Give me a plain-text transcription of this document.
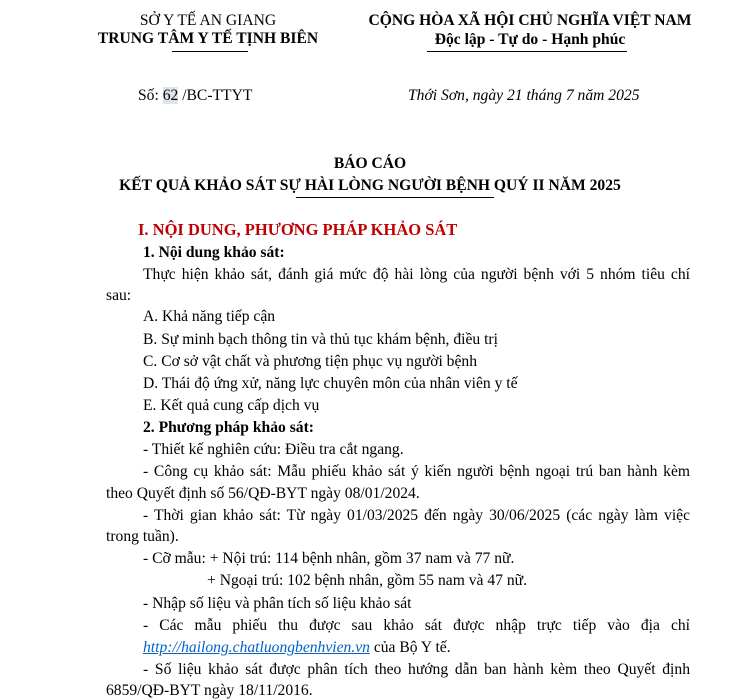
SỞ Y TẾ AN GIANG
TRUNG TÂM Y TẾ TỊNH BIÊN
CỘNG HÒA XÃ HỘI CHỦ NGHĨA VIỆT NAM
Độc lập - Tự do - Hạnh phúc
Số: 62 /BC-TTYT	Thới Sơn, ngày 21 tháng 7 năm 2025
BÁO CÁO
KẾT QUẢ KHẢO SÁT SỰ HÀI LÒNG NGƯỜI BỆNH QUÝ II NĂM 2025
I. NỘI DUNG, PHƯƠNG PHÁP KHẢO SÁT
1. Nội dung khảo sát:
Thực hiện khảo sát, đánh giá mức độ hài lòng của người bệnh với 5 nhóm tiêu chí
sau:
A. Khả năng tiếp cận
B. Sự minh bạch thông tin và thủ tục khám bệnh, điều trị
C. Cơ sở vật chất và phương tiện phục vụ người bệnh
D. Thái độ ứng xử, năng lực chuyên môn của nhân viên y tế
E. Kết quả cung cấp dịch vụ
2. Phương pháp khảo sát:
- Thiết kế nghiên cứu: Điều tra cắt ngang.
- Công cụ khảo sát: Mẫu phiếu khảo sát ý kiến người bệnh ngoại trú ban hành kèm
theo Quyết định số 56/QĐ-BYT ngày 08/01/2024.
- Thời gian khảo sát: Từ ngày 01/03/2025 đến ngày 30/06/2025 (các ngày làm việc
trong tuần).
- Cỡ mẫu: + Nội trú: 114 bệnh nhân, gồm 37 nam và 77 nữ.
+ Ngoại trú: 102 bệnh nhân, gồm 55 nam và 47 nữ.
- Nhập số liệu và phân tích số liệu khảo sát
- Các mẫu phiếu thu được sau khảo sát được nhập trực tiếp vào địa chỉ
http://hailong.chatluongbenhvien.vn của Bộ Y tế.
- Số liệu khảo sát được phân tích theo hướng dẫn ban hành kèm theo Quyết định
6859/QĐ-BYT ngày 18/11/2016.
